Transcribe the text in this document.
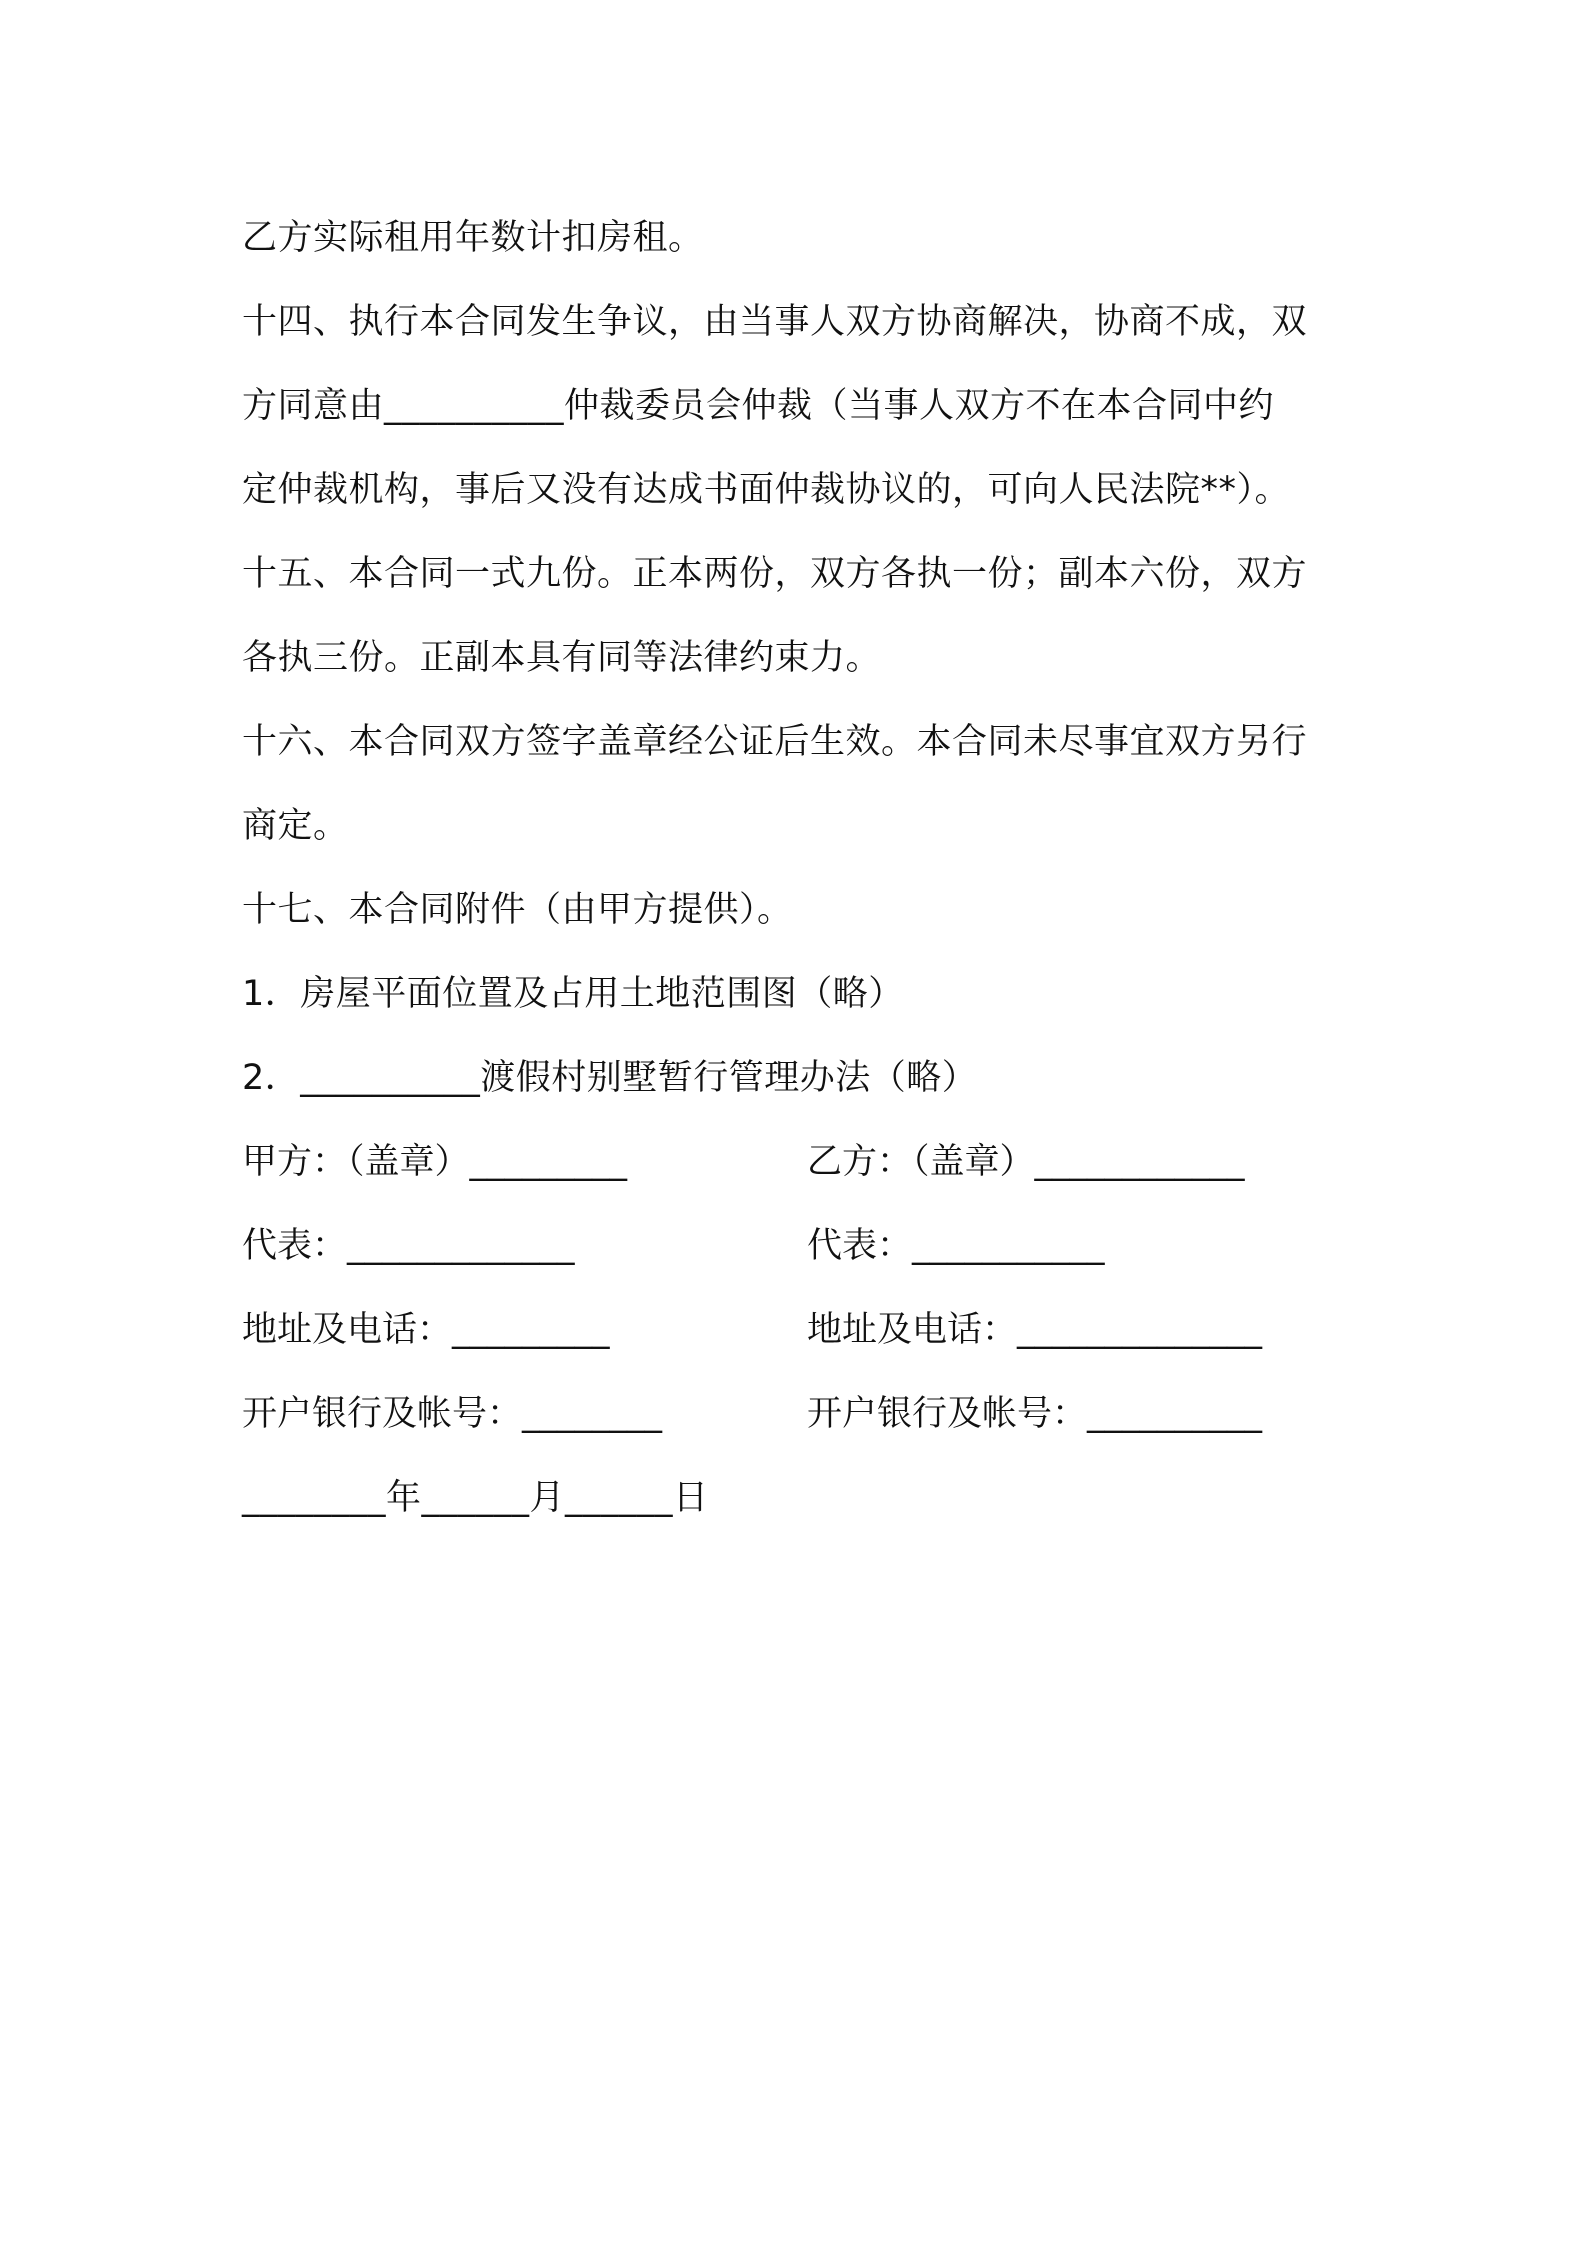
乙方实际租用年数计扣房租。
十四、执行本合同发生争议，由当事人双方协商解决，协商不成，双
方同意由__________仲裁委员会仲裁（当事人双方不在本合同中约
定仲裁机构，事后又没有达成书面仲裁协议的，可向人民法院**）。
十五、本合同一式九份。正本两份，双方各执一份；副本六份，双方
各执三份。正副本具有同等法律约束力。
十六、本合同双方签字盖章经公证后生效。本合同未尽事宜双方另行
商定。
十七、本合同附件（由甲方提供）。
1．房屋平面位置及占用土地范围图（略）
2．__________渡假村别墅暂行管理办法（略）
甲方：（盖章）_________	乙方：（盖章）____________
代表：_____________	代表：___________
地址及电话：_________	地址及电话：______________
开户银行及帐号：________	开户银行及帐号：__________
________年______月______日
